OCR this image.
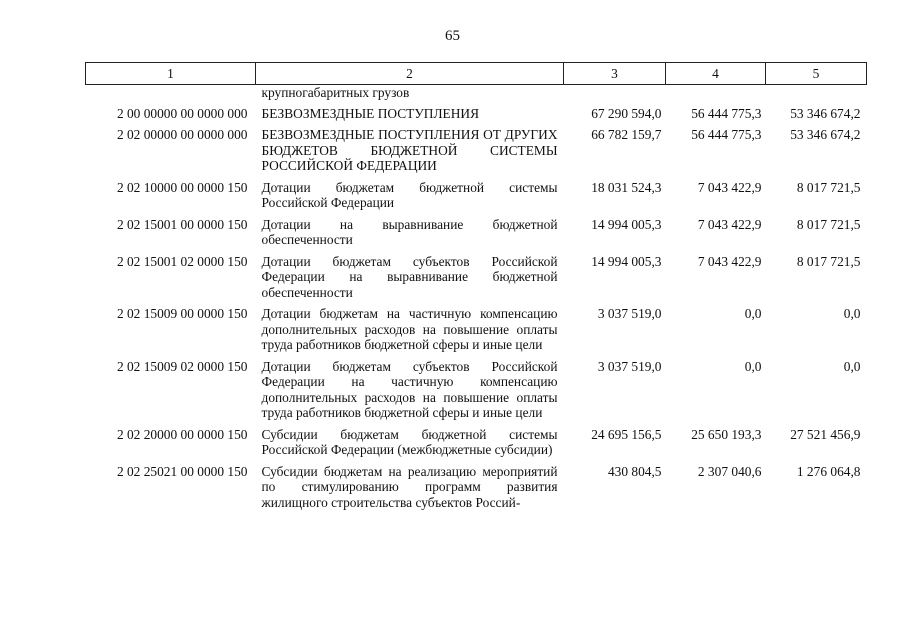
65
1	2	3	4	5
	крупногабаритных грузов			
2 00 00000 00 0000 000	БЕЗВОЗМЕЗДНЫЕ ПОСТУПЛЕНИЯ	67 290 594,0	56 444 775,3	53 346 674,2
2 02 00000 00 0000 000	БЕЗВОЗМЕЗДНЫЕ ПОСТУПЛЕНИЯ ОТ ДРУГИХ БЮДЖЕТОВ БЮДЖЕТНОЙ СИСТЕМЫ РОССИЙСКОЙ ФЕДЕРАЦИИ	66 782 159,7	56 444 775,3	53 346 674,2
2 02 10000 00 0000 150	Дотации бюджетам бюджетной системы Российской Федерации	18 031 524,3	7 043 422,9	8 017 721,5
2 02 15001 00 0000 150	Дотации на выравнивание бюджетной обеспеченности	14 994 005,3	7 043 422,9	8 017 721,5
2 02 15001 02 0000 150	Дотации бюджетам субъектов Российской Федерации на выравнивание бюджетной обеспеченности	14 994 005,3	7 043 422,9	8 017 721,5
2 02 15009 00 0000 150	Дотации бюджетам на частичную компенсацию дополнительных расходов на повышение оплаты труда работников бюджетной сферы и иные цели	3 037 519,0	0,0	0,0
2 02 15009 02 0000 150	Дотации бюджетам субъектов Российской Федерации на частичную компенсацию дополнительных расходов на повышение оплаты труда работников бюджетной сферы и иные цели	3 037 519,0	0,0	0,0
2 02 20000 00 0000 150	Субсидии бюджетам бюджетной системы Российской Федерации (межбюджетные субсидии)	24 695 156,5	25 650 193,3	27 521 456,9
2 02 25021 00 0000 150	Субсидии бюджетам на реализацию мероприятий по стимулированию программ развития жилищного строительства субъектов Россий-	430 804,5	2 307 040,6	1 276 064,8
